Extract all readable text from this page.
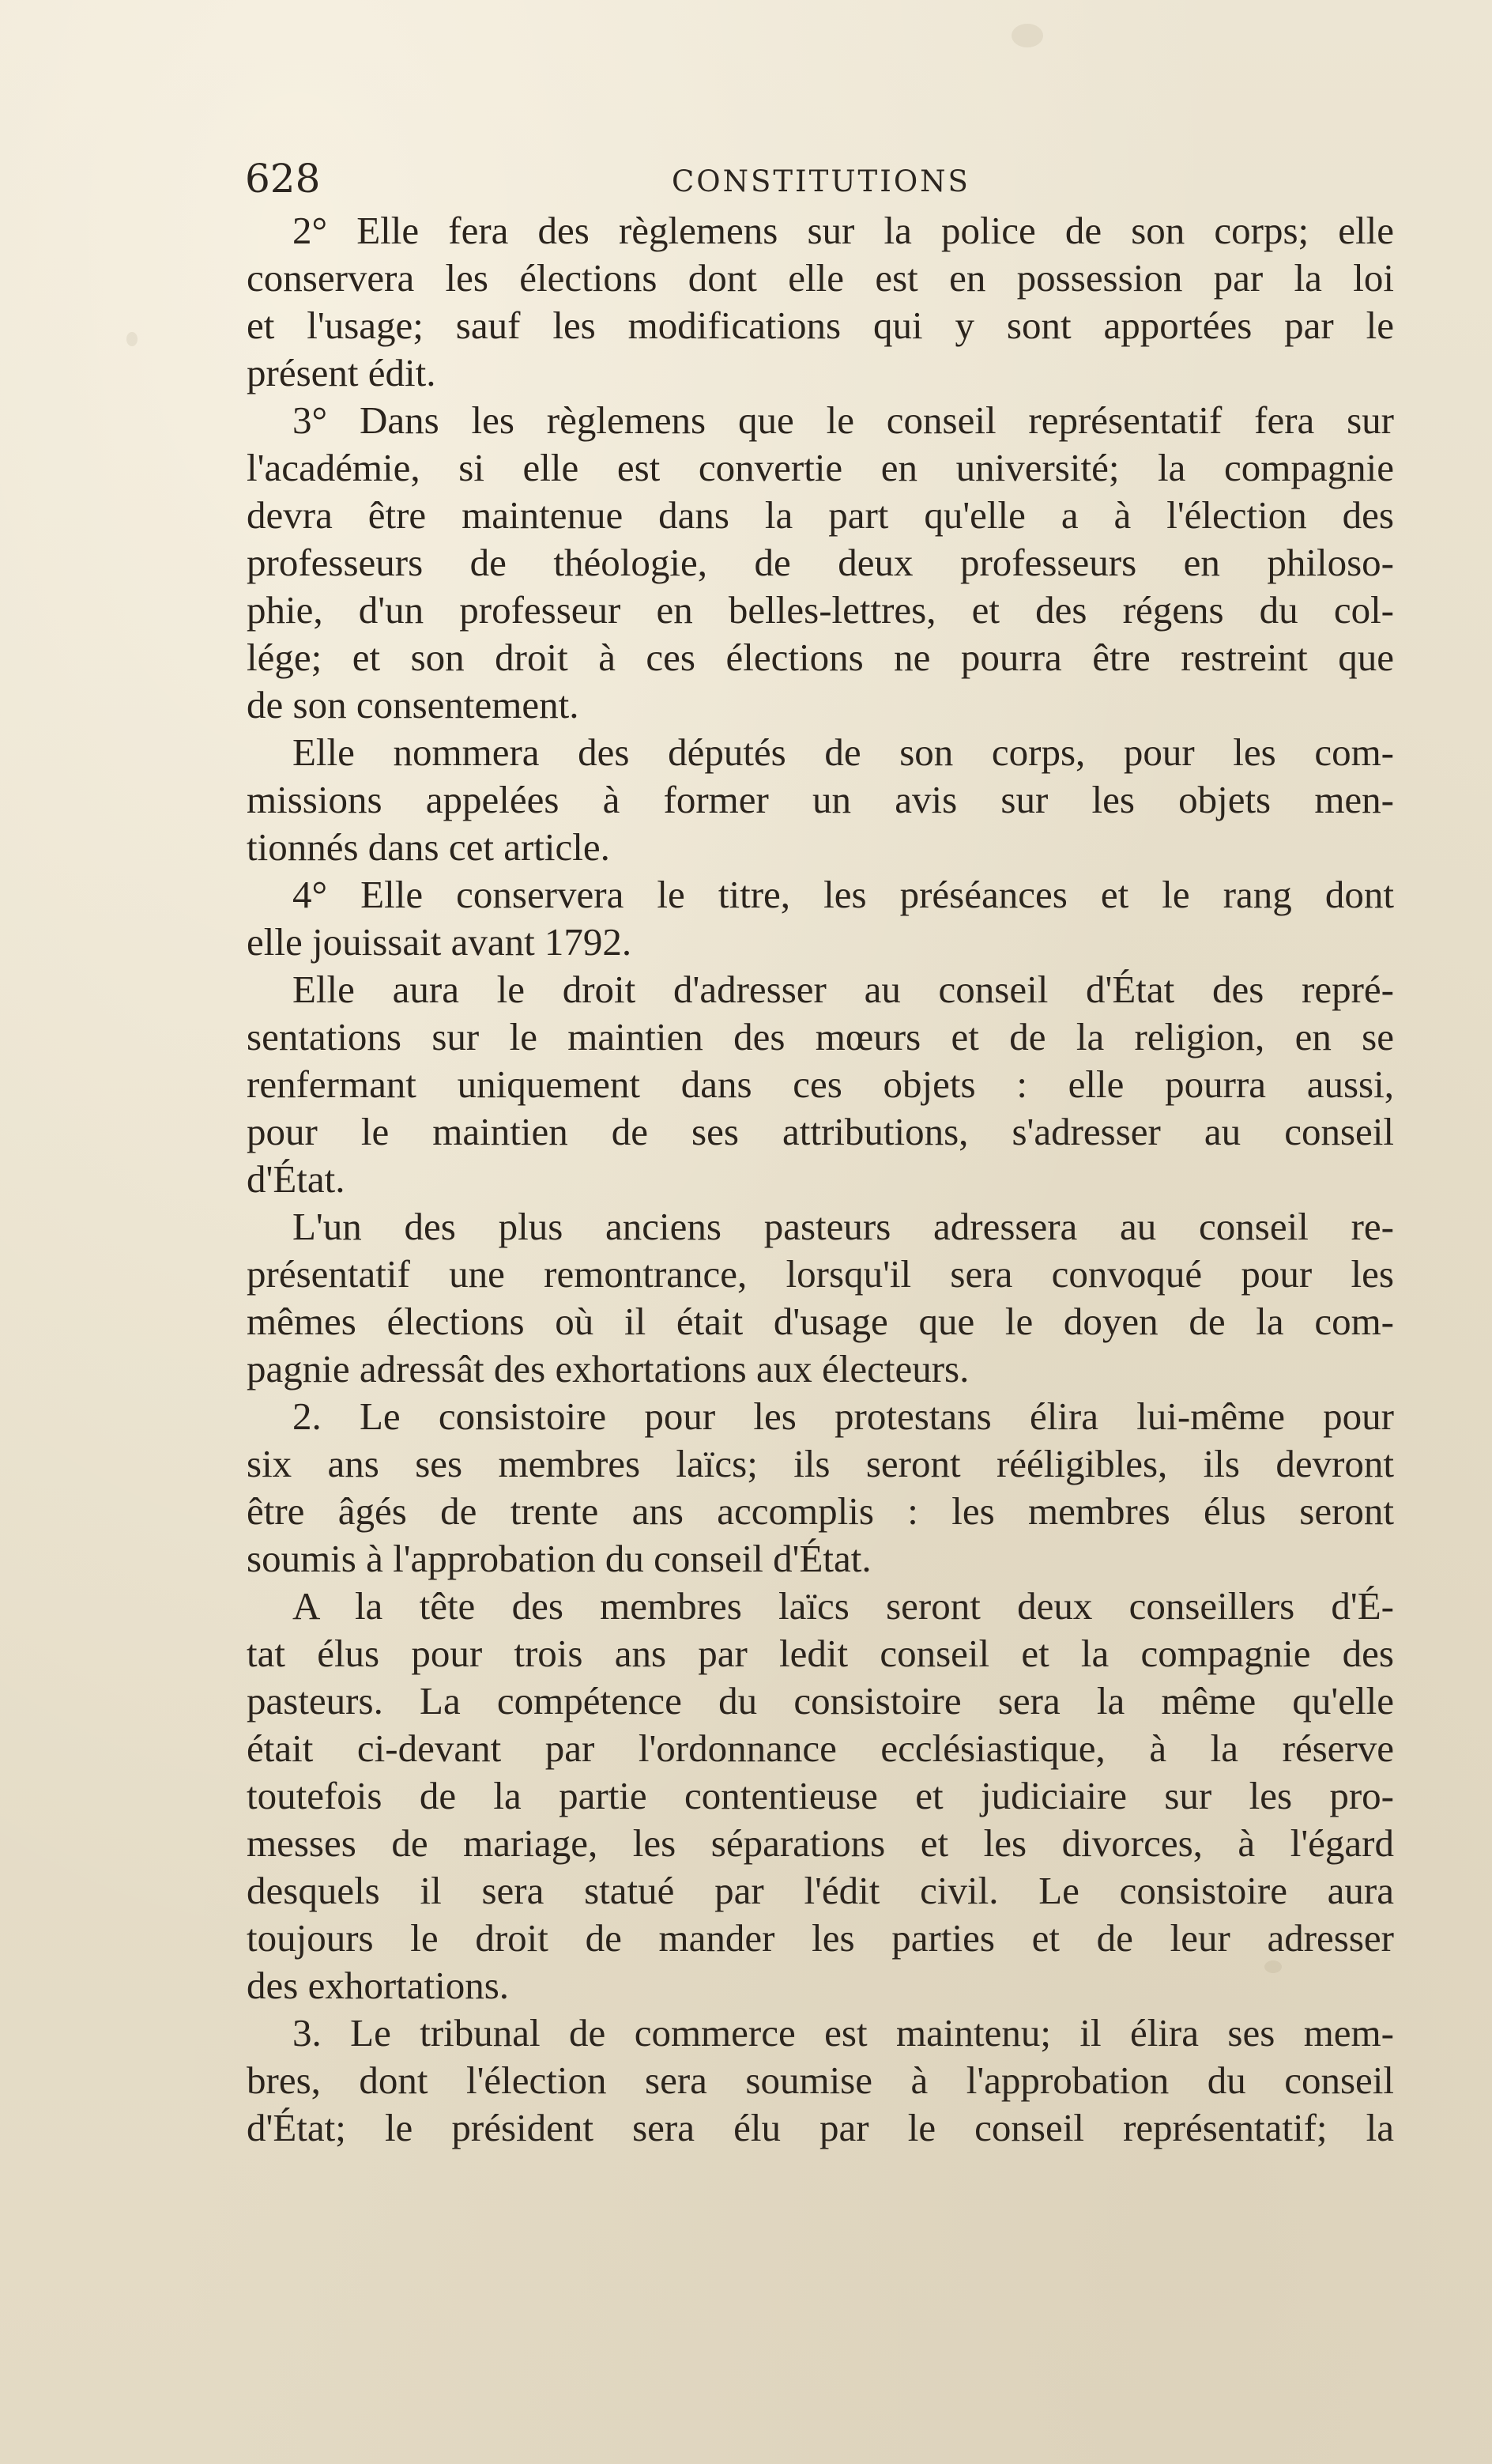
628	CONSTITUTIONS
2° Elle fera des règlemens sur la police de son corps; elle
conservera les élections dont elle est en possession par la loi
et l'usage; sauf les modifications qui y sont apportées par le
présent édit.
3° Dans les règlemens que le conseil représentatif fera sur
l'académie, si elle est convertie en université; la compagnie
devra être maintenue dans la part qu'elle a à l'élection des
professeurs de théologie, de deux professeurs en philoso-
phie, d'un professeur en belles-lettres, et des régens du col-
lége; et son droit à ces élections ne pourra être restreint que
de son consentement.
Elle nommera des députés de son corps, pour les com-
missions appelées à former un avis sur les objets men-
tionnés dans cet article.
4° Elle conservera le titre, les préséances et le rang dont
elle jouissait avant 1792.
Elle aura le droit d'adresser au conseil d'État des repré-
sentations sur le maintien des mœurs et de la religion, en se
renfermant uniquement dans ces objets : elle pourra aussi,
pour le maintien de ses attributions, s'adresser au conseil
d'État.
L'un des plus anciens pasteurs adressera au conseil re-
présentatif une remontrance, lorsqu'il sera convoqué pour les
mêmes élections où il était d'usage que le doyen de la com-
pagnie adressât des exhortations aux électeurs.
2. Le consistoire pour les protestans élira lui-même pour
six ans ses membres laïcs; ils seront rééligibles, ils devront
être âgés de trente ans accomplis : les membres élus seront
soumis à l'approbation du conseil d'État.
A la tête des membres laïcs seront deux conseillers d'É-
tat élus pour trois ans par ledit conseil et la compagnie des
pasteurs. La compétence du consistoire sera la même qu'elle
était ci-devant par l'ordonnance ecclésiastique, à la réserve
toutefois de la partie contentieuse et judiciaire sur les pro-
messes de mariage, les séparations et les divorces, à l'égard
desquels il sera statué par l'édit civil. Le consistoire aura
toujours le droit de mander les parties et de leur adresser
des exhortations.
3. Le tribunal de commerce est maintenu; il élira ses mem-
bres, dont l'élection sera soumise à l'approbation du conseil
d'État; le président sera élu par le conseil représentatif; la
